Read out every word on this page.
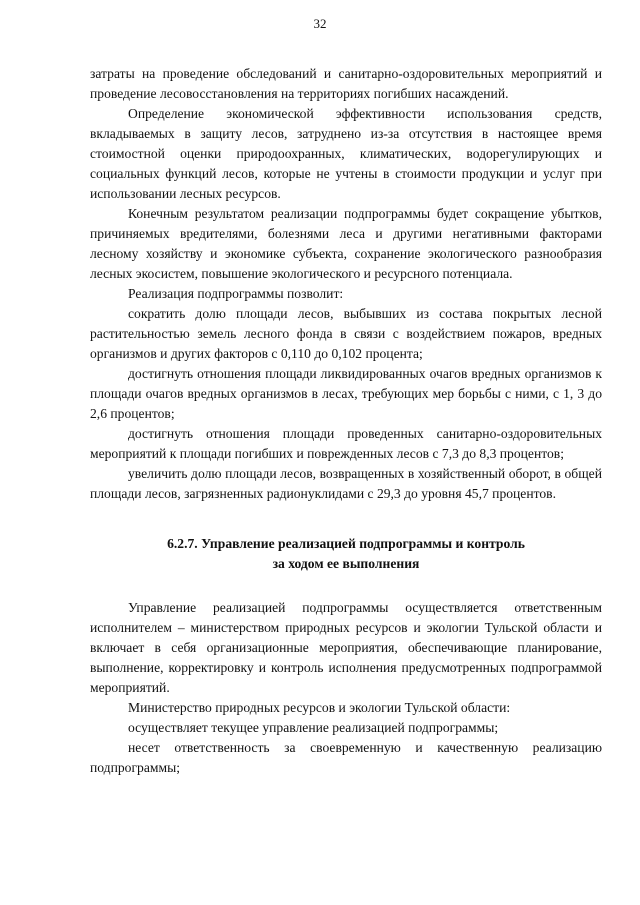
32

затраты на проведение обследований и санитарно-оздоровительных мероприятий и проведение лесовосстановления на территориях погибших насаждений.

Определение экономической эффективности использования средств, вкладываемых в защиту лесов, затруднено из-за отсутствия в настоящее время стоимостной оценки природоохранных, климатических, водорегулирующих и социальных функций лесов, которые не учтены в стоимости продукции и услуг при использовании лесных ресурсов.

Конечным результатом реализации подпрограммы будет сокращение убытков, причиняемых вредителями, болезнями леса и другими негативными факторами лесному хозяйству и экономике субъекта, сохранение экологического разнообразия лесных экосистем, повышение экологического и ресурсного потенциала.

Реализация подпрограммы позволит:

сократить долю площади лесов, выбывших из состава покрытых лесной растительностью земель лесного фонда в связи с воздействием пожаров, вредных организмов и других факторов с 0,110 до 0,102 процента;

достигнуть отношения площади ликвидированных очагов вредных организмов к площади очагов вредных организмов в лесах, требующих мер борьбы с ними, с 1, 3 до 2,6 процентов;

достигнуть отношения площади проведенных санитарно-оздоровительных мероприятий к площади погибших и поврежденных лесов с 7,3 до 8,3 процентов;

увеличить долю площади лесов, возвращенных в хозяйственный оборот, в общей площади лесов, загрязненных радионуклидами с 29,3 до уровня 45,7 процентов.

6.2.7. Управление реализацией подпрограммы и контроль
за ходом ее выполнения

Управление реализацией подпрограммы осуществляется ответственным исполнителем – министерством природных ресурсов и экологии Тульской области и включает в себя организационные мероприятия, обеспечивающие планирование, выполнение, корректировку и контроль исполнения предусмотренных подпрограммой мероприятий.

Министерство природных ресурсов и экологии Тульской области:

осуществляет текущее управление реализацией подпрограммы;

несет ответственность за своевременную и качественную реализацию подпрограммы;
